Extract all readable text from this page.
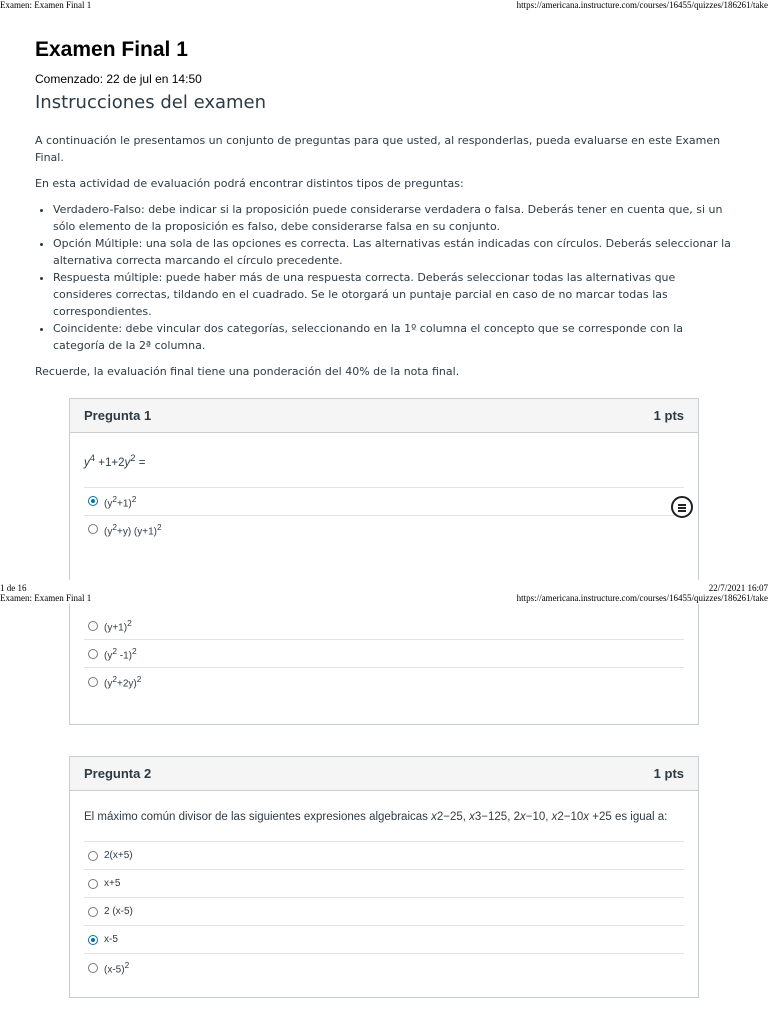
Examen: Examen Final 1	https://americana.instructure.com/courses/16455/quizzes/186261/take
Examen Final 1
Comenzado: 22 de jul en 14:50
Instrucciones del examen

A continuación le presentamos un conjunto de preguntas para que usted, al responderlas, pueda evaluarse en este Examen Final.

En esta actividad de evaluación podrá encontrar distintos tipos de preguntas:

• Verdadero-Falso: debe indicar si la proposición puede considerarse verdadera o falsa. Deberás tener en cuenta que, si un sólo elemento de la proposición es falso, debe considerarse falsa en su conjunto.
• Opción Múltiple: una sola de las opciones es correcta. Las alternativas están indicadas con círculos. Deberás seleccionar la alternativa correcta marcando el círculo precedente.
• Respuesta múltiple: puede haber más de una respuesta correcta. Deberás seleccionar todas las alternativas que consideres correctas, tildando en el cuadrado. Se le otorgará un puntaje parcial en caso de no marcar todas las correspondientes.
• Coincidente: debe vincular dos categorías, seleccionando en la 1º columna el concepto que se corresponde con la categoría de la 2ª columna.

Recuerde, la evaluación final tiene una ponderación del 40% de la nota final.

Pregunta 1	1 pts
$y^4 +1+2y^2$ =
$(y^2+1)^2$
$(y^2+y)$ $(y+1)^2$
1 de 16	22/7/2021 16:07
Examen: Examen Final 1	https://americana.instructure.com/courses/16455/quizzes/186261/take
$(y+1)^2$
($y^2$ -1)$^2$
$(y^2+2y)^2$
Pregunta 2	1 pts
El máximo común divisor de las siguientes expresiones algebraicas x2−25, x3−125, 2x−10, x2−10x +25 es igual a:
2(x+5)
x+5
2 (x-5)
x-5
$(x-5)^2$
